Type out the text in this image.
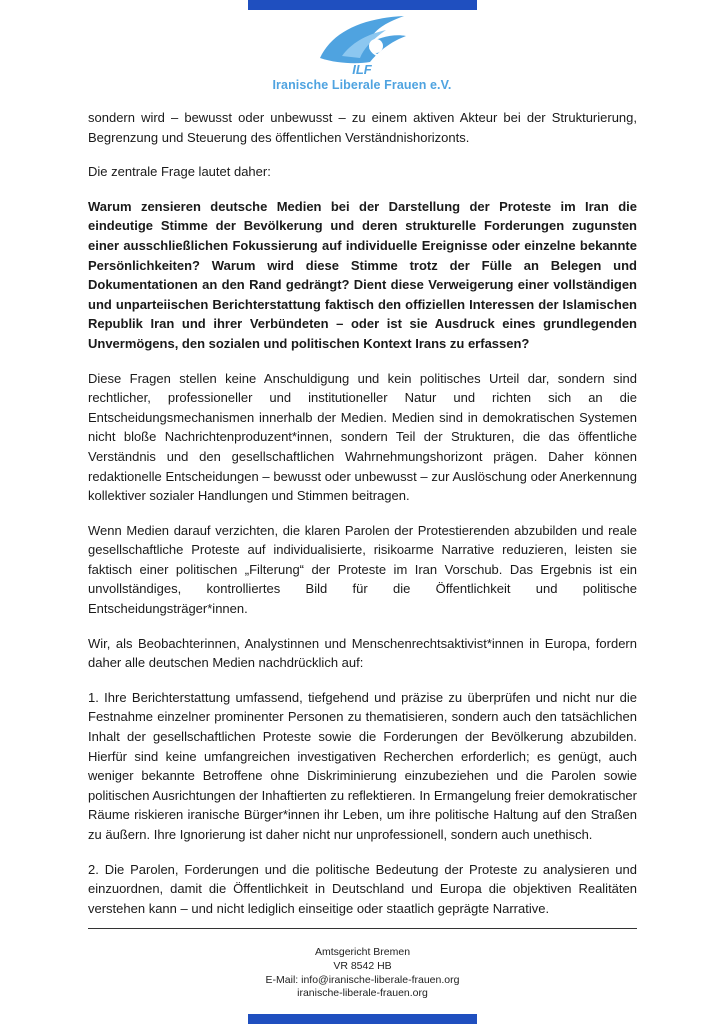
ILF
Iranische Liberale Frauen e.V.

sondern wird – bewusst oder unbewusst – zu einem aktiven Akteur bei der Strukturierung, Begrenzung und Steuerung des öffentlichen Verständnishorizonts.

Die zentrale Frage lautet daher:

Warum zensieren deutsche Medien bei der Darstellung der Proteste im Iran die eindeutige Stimme der Bevölkerung und deren strukturelle Forderungen zugunsten einer ausschließlichen Fokussierung auf individuelle Ereignisse oder einzelne bekannte Persönlichkeiten? Warum wird diese Stimme trotz der Fülle an Belegen und Dokumentationen an den Rand gedrängt? Dient diese Verweigerung einer vollständigen und unparteiischen Berichterstattung faktisch den offiziellen Interessen der Islamischen Republik Iran und ihrer Verbündeten – oder ist sie Ausdruck eines grundlegenden Unvermögens, den sozialen und politischen Kontext Irans zu erfassen?

Diese Fragen stellen keine Anschuldigung und kein politisches Urteil dar, sondern sind rechtlicher, professioneller und institutioneller Natur und richten sich an die Entscheidungsmechanismen innerhalb der Medien. Medien sind in demokratischen Systemen nicht bloße Nachrichtenproduzent*innen, sondern Teil der Strukturen, die das öffentliche Verständnis und den gesellschaftlichen Wahrnehmungshorizont prägen. Daher können redaktionelle Entscheidungen – bewusst oder unbewusst – zur Auslöschung oder Anerkennung kollektiver sozialer Handlungen und Stimmen beitragen.

Wenn Medien darauf verzichten, die klaren Parolen der Protestierenden abzubilden und reale gesellschaftliche Proteste auf individualisierte, risikoarme Narrative reduzieren, leisten sie faktisch einer politischen „Filterung“ der Proteste im Iran Vorschub. Das Ergebnis ist ein unvollständiges, kontrolliertes Bild für die Öffentlichkeit und politische Entscheidungsträger*innen.

Wir, als Beobachterinnen, Analystinnen und Menschenrechtsaktivist*innen in Europa, fordern daher alle deutschen Medien nachdrücklich auf:

1. Ihre Berichterstattung umfassend, tiefgehend und präzise zu überprüfen und nicht nur die Festnahme einzelner prominenter Personen zu thematisieren, sondern auch den tatsächlichen Inhalt der gesellschaftlichen Proteste sowie die Forderungen der Bevölkerung abzubilden. Hierfür sind keine umfangreichen investigativen Recherchen erforderlich; es genügt, auch weniger bekannte Betroffene ohne Diskriminierung einzubeziehen und die Parolen sowie politischen Ausrichtungen der Inhaftierten zu reflektieren. In Ermangelung freier demokratischer Räume riskieren iranische Bürger*innen ihr Leben, um ihre politische Haltung auf den Straßen zu äußern. Ihre Ignorierung ist daher nicht nur unprofessionell, sondern auch unethisch.

2. Die Parolen, Forderungen und die politische Bedeutung der Proteste zu analysieren und einzuordnen, damit die Öffentlichkeit in Deutschland und Europa die objektiven Realitäten verstehen kann – und nicht lediglich einseitige oder staatlich geprägte Narrative.

Amtsgericht Bremen
VR 8542 HB
E-Mail: info@iranische-liberale-frauen.org
iranische-liberale-frauen.org
